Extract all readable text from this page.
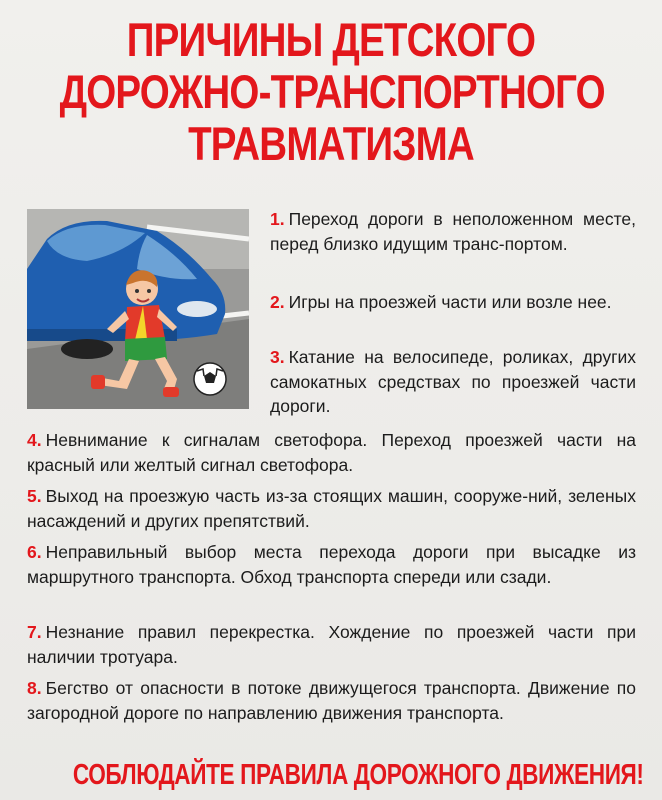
ПРИЧИНЫ ДЕТСКОГО
ДОРОЖНО-ТРАНСПОРТНОГО
ТРАВМАТИЗМА
1. Переход дороги в неположенном месте, перед близко идущим транс-портом.
2. Игры на проезжей части или возле нее.
3. Катание на велосипеде, роликах, других самокатных средствах по проезжей части дороги.
4. Невнимание к сигналам светофора. Переход проезжей части на красный или желтый сигнал светофора.
5. Выход на проезжую часть из-за стоящих машин, сооруже-ний, зеленых насаждений и других препятствий.
6. Неправильный выбор места перехода дороги при высадке из маршрутного транспорта. Обход транспорта спереди или сзади.
7. Незнание правил перекрестка. Хождение по проезжей части при наличии тротуара.
8. Бегство от опасности в потоке движущегося транспорта. Движение по загородной дороге по направлению движения транспорта.
СОБЛЮДАЙТЕ ПРАВИЛА ДОРОЖНОГО ДВИЖЕНИЯ!
